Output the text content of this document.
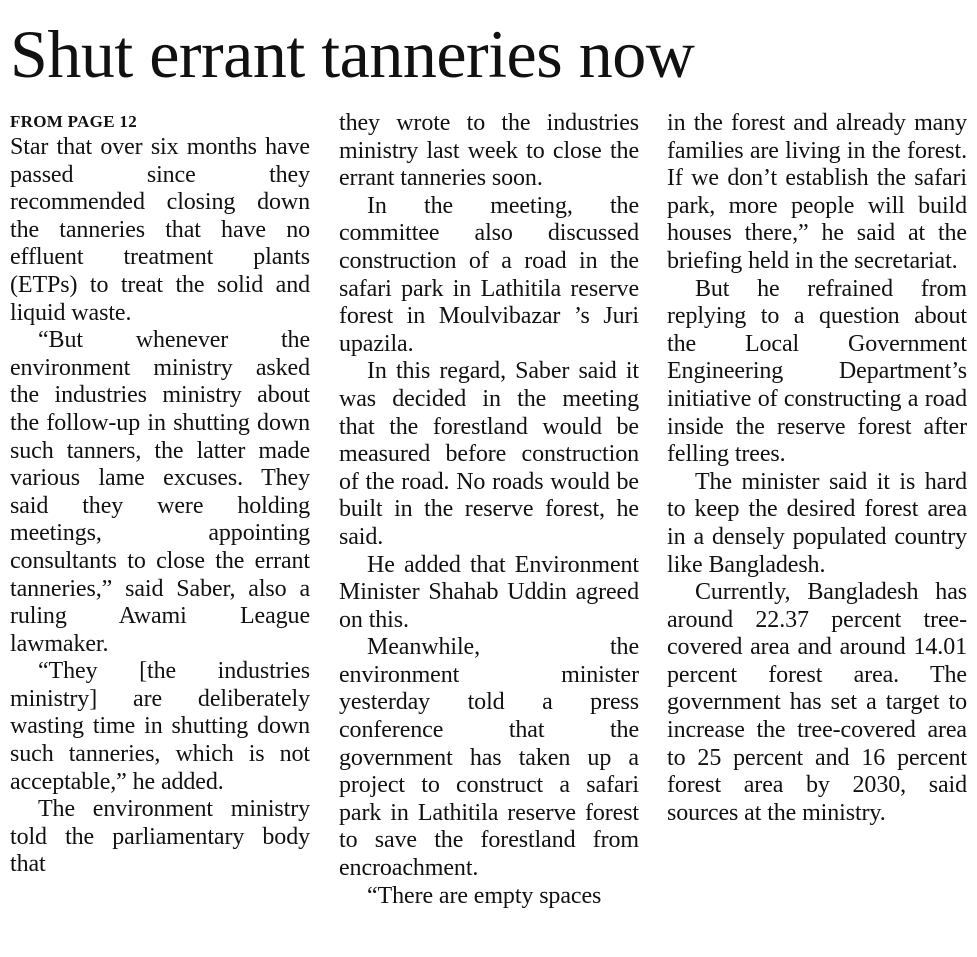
Shut errant tanneries now

FROM PAGE 12

Star that over six months have passed since they recommended closing down the tanneries that have no effluent treatment plants (ETPs) to treat the solid and liquid waste.

“But whenever the environment ministry asked the industries ministry about the follow-up in shutting down such tanners, the latter made various lame excuses. They said they were holding meetings, appointing consultants to close the errant tanneries,” said Saber, also a ruling Awami League lawmaker.

“They [the industries ministry] are deliberately wasting time in shutting down such tanneries, which is not acceptable,” he added.

The environment ministry told the parliamentary body that

they wrote to the industries ministry last week to close the errant tanneries soon.

In the meeting, the committee also discussed construction of a road in the safari park in Lathitila reserve forest in Moulvibazar ’s Juri upazila.

In this regard, Saber said it was decided in the meeting that the forestland would be measured before construction of the road. No roads would be built in the reserve forest, he said.

He added that Environment Minister Shahab Uddin agreed on this.

Meanwhile, the environment minister yesterday told a press conference that the government has taken up a project to construct a safari park in Lathitila reserve forest to save the forestland from encroachment.

“There are empty spaces

in the forest and already many families are living in the forest. If we don’t establish the safari park, more people will build houses there,” he said at the briefing held in the secretariat.

But he refrained from replying to a question about the Local Government Engineering Department’s initiative of constructing a road inside the reserve forest after felling trees.

The minister said it is hard to keep the desired forest area in a densely populated country like Bangladesh.

Currently, Bangladesh has around 22.37 percent tree-covered area and around 14.01 percent forest area. The government has set a target to increase the tree-covered area to 25 percent and 16 percent forest area by 2030, said sources at the ministry.
